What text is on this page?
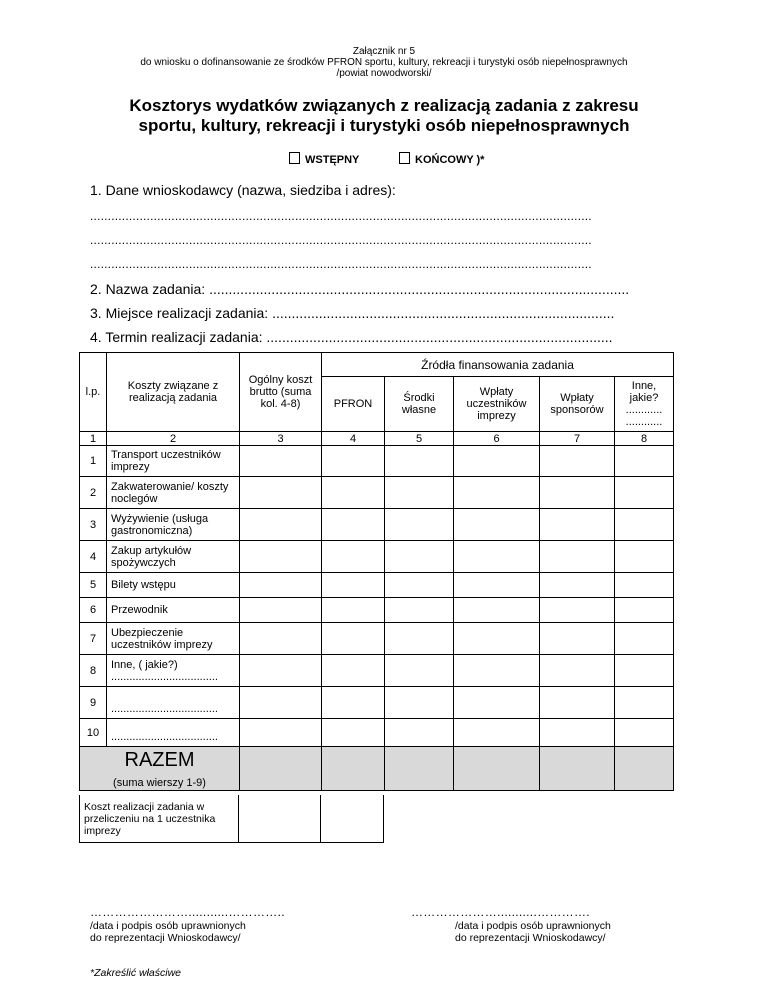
Załącznik nr 5
do wniosku o dofinansowanie ze środków PFRON sportu, kultury, rekreacji i turystyki osób niepełnosprawnych
/powiat nowodworski/
Kosztorys wydatków związanych z realizacją zadania z zakresu
sportu, kultury, rekreacji i turystyki osób niepełnosprawnych
WSTĘPNY	KOŃCOWY )*
1. Dane wnioskodawcy (nazwa, siedziba i adres):
..............................................................................................................................................
..............................................................................................................................................
..............................................................................................................................................
2. Nazwa zadania: ............................................................................................................
3. Miejsce realizacji zadania: ........................................................................................
4. Termin realizacji zadania: .........................................................................................
l.p.	Koszty związane z realizacją zadania	Ogólny koszt brutto (suma kol. 4-8)	Źródła finansowania zadania				
			PFRON	Środki własne	Wpłaty uczestników imprezy	Wpłaty sponsorów	Inne, jakie?
............
............
1	2	3	4	5	6	7	8
1	Transport uczestników imprezy						
2	Zakwaterowanie/ koszty noclegów						
3	Wyżywienie (usługa gastronomiczna)						
4	Zakup artykułów spożywczych						
5	Bilety wstępu						
6	Przewodnik						
7	Ubezpieczenie uczestników imprezy						
8	Inne, ( jakie?)
...................................						
9	...................................						
10	...................................						

RAZEM
(suma wierszy 1-9)							

Koszt realizacji zadania w przeliczeniu na 1 uczestnika imprezy
……………………...........…………..
/data i podpis osób uprawnionych
do reprezentacji Wnioskodawcy/
…………………...........………….
/data i podpis osób uprawnionych
do reprezentacji Wnioskodawcy/
*Zakreślić właściwe
